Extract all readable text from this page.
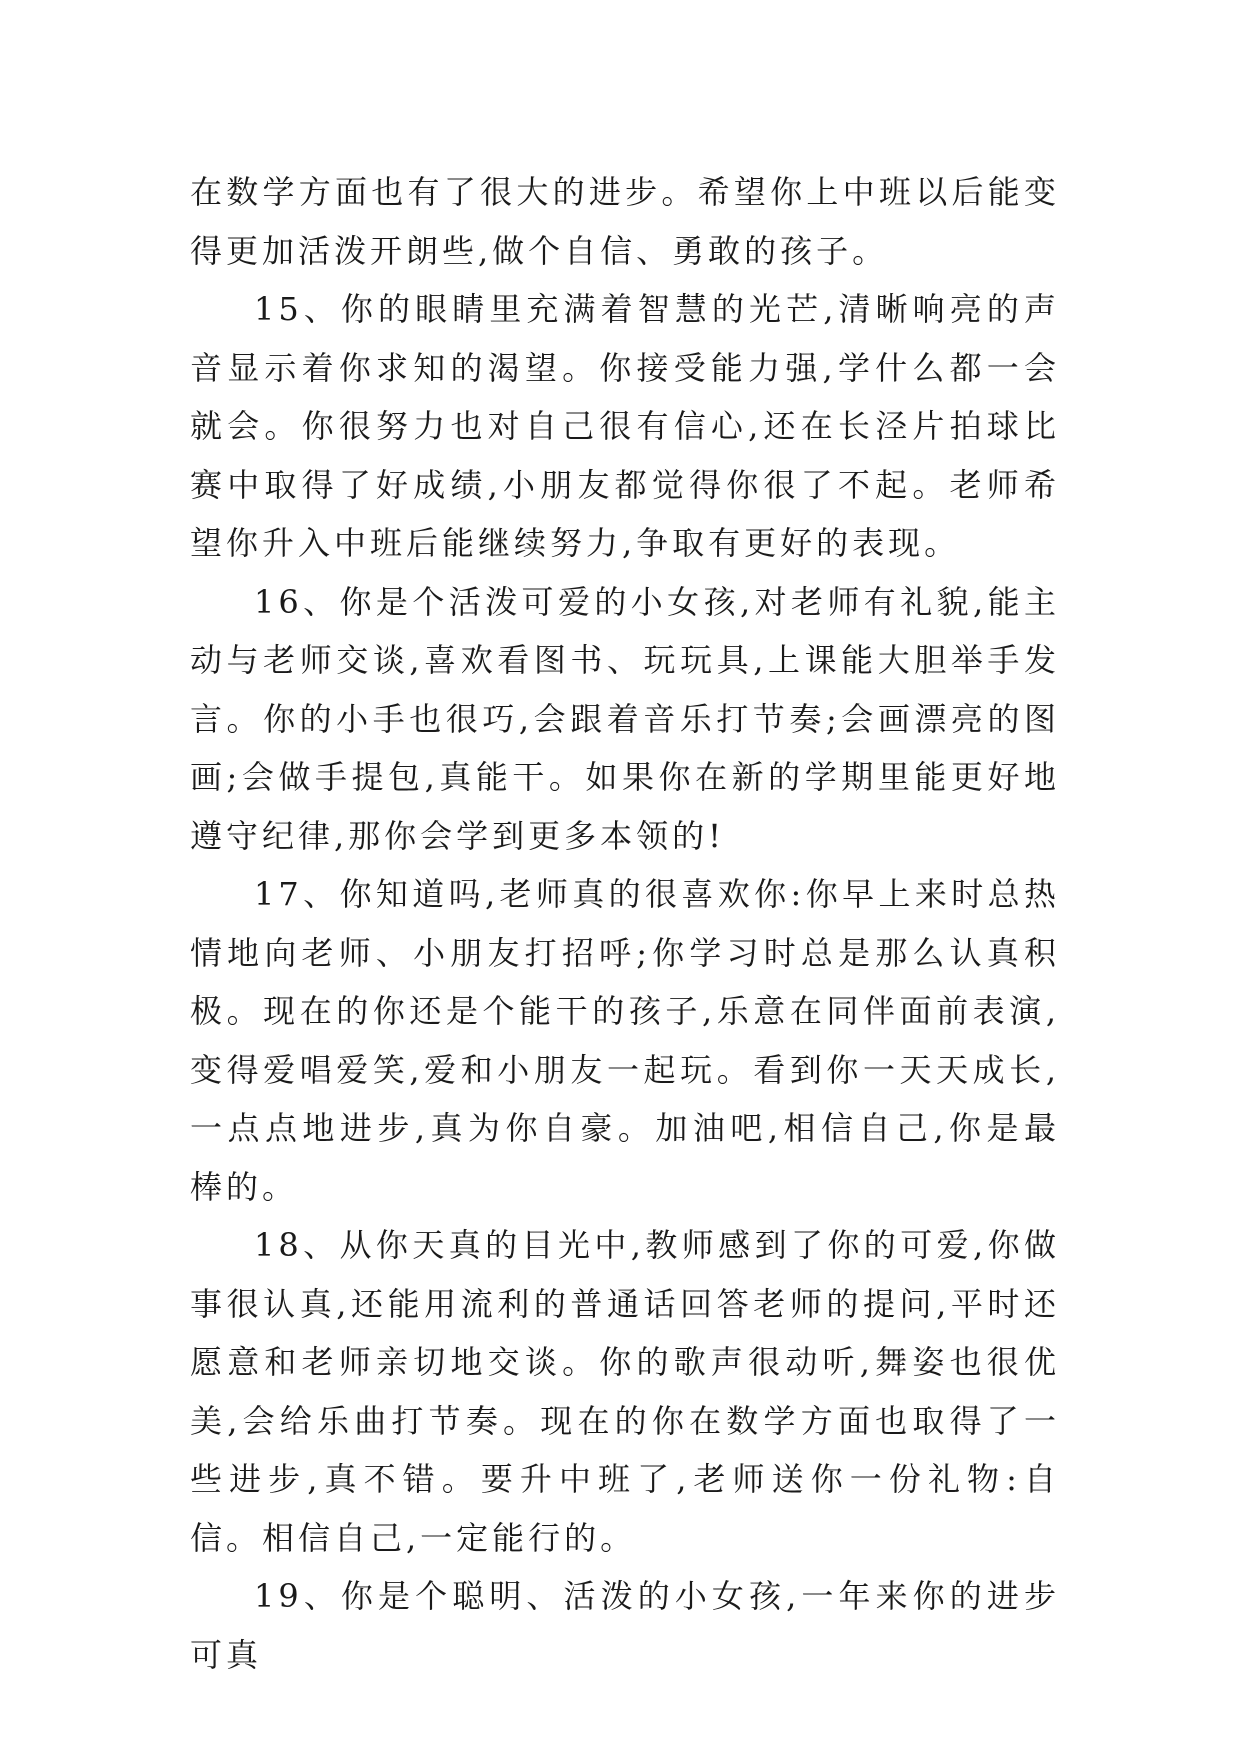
在数学方面也有了很大的进步。希望你上中班以后能变得更加活泼开朗些,做个自信、勇敢的孩子。

15、你的眼睛里充满着智慧的光芒,清晰响亮的声音显示着你求知的渴望。你接受能力强,学什么都一会就会。你很努力也对自己很有信心,还在长泾片拍球比赛中取得了好成绩,小朋友都觉得你很了不起。老师希望你升入中班后能继续努力,争取有更好的表现。

16、你是个活泼可爱的小女孩,对老师有礼貌,能主动与老师交谈,喜欢看图书、玩玩具,上课能大胆举手发言。你的小手也很巧,会跟着音乐打节奏;会画漂亮的图画;会做手提包,真能干。如果你在新的学期里能更好地遵守纪律,那你会学到更多本领的!

17、你知道吗,老师真的很喜欢你:你早上来时总热情地向老师、小朋友打招呼;你学习时总是那么认真积极。现在的你还是个能干的孩子,乐意在同伴面前表演,变得爱唱爱笑,爱和小朋友一起玩。看到你一天天成长,一点点地进步,真为你自豪。加油吧,相信自己,你是最棒的。

18、从你天真的目光中,教师感到了你的可爱,你做事很认真,还能用流利的普通话回答老师的提问,平时还愿意和老师亲切地交谈。你的歌声很动听,舞姿也很优美,会给乐曲打节奏。现在的你在数学方面也取得了一些进步,真不错。要升中班了,老师送你一份礼物:自信。相信自己,一定能行的。

19、你是个聪明、活泼的小女孩,一年来你的进步可真
